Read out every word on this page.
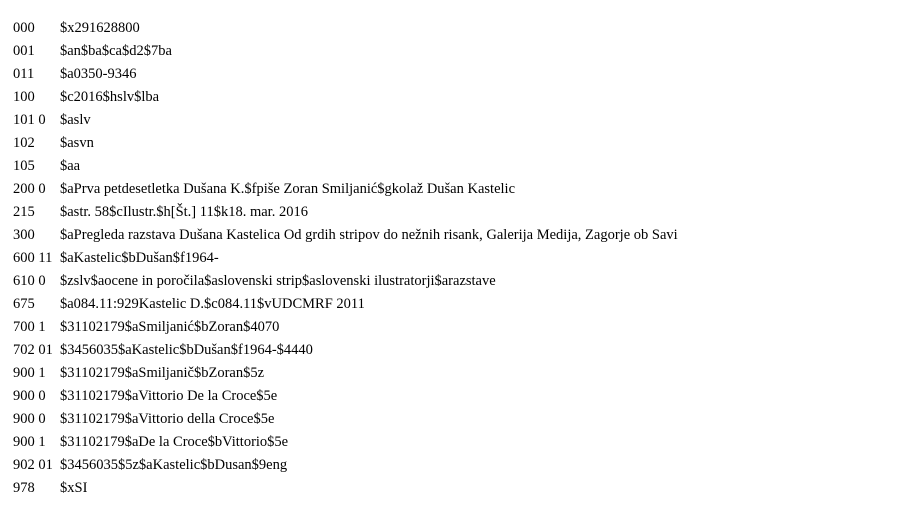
000	$x291628800
001	$an$ba$ca$d2$7ba
011	$a0350-9346
100	$c2016$hslv$lba
101 0 $aslv
102	$asvn
105	$aa
200 0 $aPrva petdesetletka Dušana K.$fpiše Zoran Smiljanić$gkolaž Dušan Kastelic
215	$astr. 58$cIlustr.$h[Št.] 11$k18. mar. 2016
300	$aPregleda razstava Dušana Kastelica Od grdih stripov do nežnih risank, Galerija Medija, Zagorje ob Savi
600 11 $aKastelic$bDušan$f1964-
610 0 $zslv$aocene in poročila$aslovenski strip$aslovenski ilustratorji$arazstave
675	$a084.11:929Kastelic D.$c084.11$vUDCMRF 2011
700 1 $31102179$aSmiljanić$bZoran$4070
702 01 $3456035$aKastelic$bDušan$f1964-$4440
900 1 $31102179$aSmiljanič$bZoran$5z
900 0 $31102179$aVittorio De la Croce$5e
900 0 $31102179$aVittorio della Croce$5e
900 1 $31102179$aDe la Croce$bVittorio$5e
902 01 $3456035$5z$aKastelic$bDusan$9eng
978	$xSI
